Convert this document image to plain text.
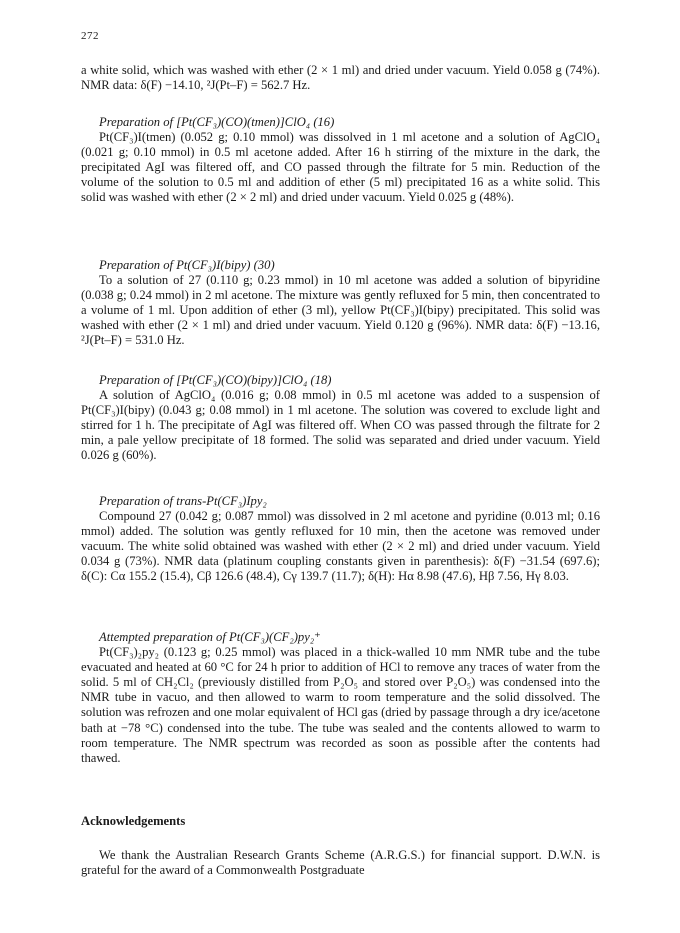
272

a white solid, which was washed with ether (2 × 1 ml) and dried under vacuum. Yield 0.058 g (74%). NMR data: δ(F) −14.10, ²J(Pt–F) = 562.7 Hz.

Preparation of [Pt(CF₃)(CO)(tmen)]ClO₄ (16)

Pt(CF₃)I(tmen) (0.052 g; 0.10 mmol) was dissolved in 1 ml acetone and a solution of AgClO₄ (0.021 g; 0.10 mmol) in 0.5 ml acetone added. After 16 h stirring of the mixture in the dark, the precipitated AgI was filtered off, and CO passed through the filtrate for 5 min. Reduction of the volume of the solution to 0.5 ml and addition of ether (5 ml) precipitated 16 as a white solid. This solid was washed with ether (2 × 2 ml) and dried under vacuum. Yield 0.025 g (48%).

Preparation of Pt(CF₃)I(bipy) (30)

To a solution of 27 (0.110 g; 0.23 mmol) in 10 ml acetone was added a solution of bipyridine (0.038 g; 0.24 mmol) in 2 ml acetone. The mixture was gently refluxed for 5 min, then concentrated to a volume of 1 ml. Upon addition of ether (3 ml), yellow Pt(CF₃)I(bipy) precipitated. This solid was washed with ether (2 × 1 ml) and dried under vacuum. Yield 0.120 g (96%). NMR data: δ(F) −13.16, ²J(Pt–F) = 531.0 Hz.

Preparation of [Pt(CF₃)(CO)(bipy)]ClO₄ (18)

A solution of AgClO₄ (0.016 g; 0.08 mmol) in 0.5 ml acetone was added to a suspension of Pt(CF₃)I(bipy) (0.043 g; 0.08 mmol) in 1 ml acetone. The solution was covered to exclude light and stirred for 1 h. The precipitate of AgI was filtered off. When CO was passed through the filtrate for 2 min, a pale yellow precipitate of 18 formed. The solid was separated and dried under vacuum. Yield 0.026 g (60%).

Preparation of trans-Pt(CF₃)Ipy₂

Compound 27 (0.042 g; 0.087 mmol) was dissolved in 2 ml acetone and pyridine (0.013 ml; 0.16 mmol) added. The solution was gently refluxed for 10 min, then the acetone was removed under vacuum. The white solid obtained was washed with ether (2 × 2 ml) and dried under vacuum. Yield 0.034 g (73%). NMR data (platinum coupling constants given in parenthesis): δ(F) −31.54 (697.6); δ(C): Cα 155.2 (15.4), Cβ 126.6 (48.4), Cγ 139.7 (11.7); δ(H): Hα 8.98 (47.6), Hβ 7.56, Hγ 8.03.

Attempted preparation of Pt(CF₃)(CF₂)py₂⁺

Pt(CF₃)₂py₂ (0.123 g; 0.25 mmol) was placed in a thick-walled 10 mm NMR tube and the tube evacuated and heated at 60 °C for 24 h prior to addition of HCl to remove any traces of water from the solid. 5 ml of CH₂Cl₂ (previously distilled from P₂O₅ and stored over P₂O₅) was condensed into the NMR tube in vacuo, and then allowed to warm to room temperature and the solid dissolved. The solution was refrozen and one molar equivalent of HCl gas (dried by passage through a dry ice/acetone bath at −78 °C) condensed into the tube. The tube was sealed and the contents allowed to warm to room temperature. The NMR spectrum was recorded as soon as possible after the contents had thawed.

Acknowledgements

We thank the Australian Research Grants Scheme (A.R.G.S.) for financial support. D.W.N. is grateful for the award of a Commonwealth Postgraduate
